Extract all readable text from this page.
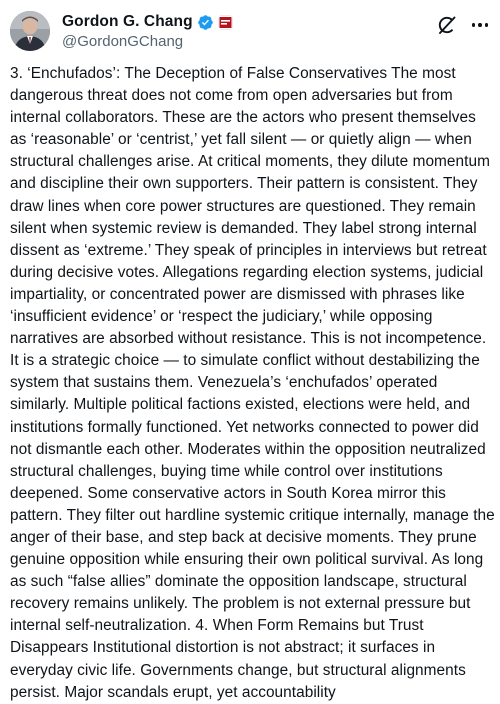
Gordon G. Chang
@GordonGChang
3. ‘Enchufados’: The Deception of False Conservatives The most dangerous threat does not come from open adversaries but from internal collaborators. These are the actors who present themselves as ‘reasonable’ or ‘centrist,’ yet fall silent — or quietly align — when structural challenges arise. At critical moments, they dilute momentum and discipline their own supporters. Their pattern is consistent. They draw lines when core power structures are questioned. They remain silent when systemic review is demanded. They label strong internal dissent as ‘extreme.’ They speak of principles in interviews but retreat during decisive votes. Allegations regarding election systems, judicial impartiality, or concentrated power are dismissed with phrases like ‘insufficient evidence’ or ‘respect the judiciary,’ while opposing narratives are absorbed without resistance. This is not incompetence. It is a strategic choice — to simulate conflict without destabilizing the system that sustains them. Venezuela’s ‘enchufados’ operated similarly. Multiple political factions existed, elections were held, and institutions formally functioned. Yet networks connected to power did not dismantle each other. Moderates within the opposition neutralized structural challenges, buying time while control over institutions deepened. Some conservative actors in South Korea mirror this pattern. They filter out hardline systemic critique internally, manage the anger of their base, and step back at decisive moments. They prune genuine opposition while ensuring their own political survival. As long as such “false allies” dominate the opposition landscape, structural recovery remains unlikely. The problem is not external pressure but internal self-neutralization. 4. When Form Remains but Trust Disappears Institutional distortion is not abstract; it surfaces in everyday civic life. Governments change, but structural alignments persist. Major scandals erupt, yet accountability
